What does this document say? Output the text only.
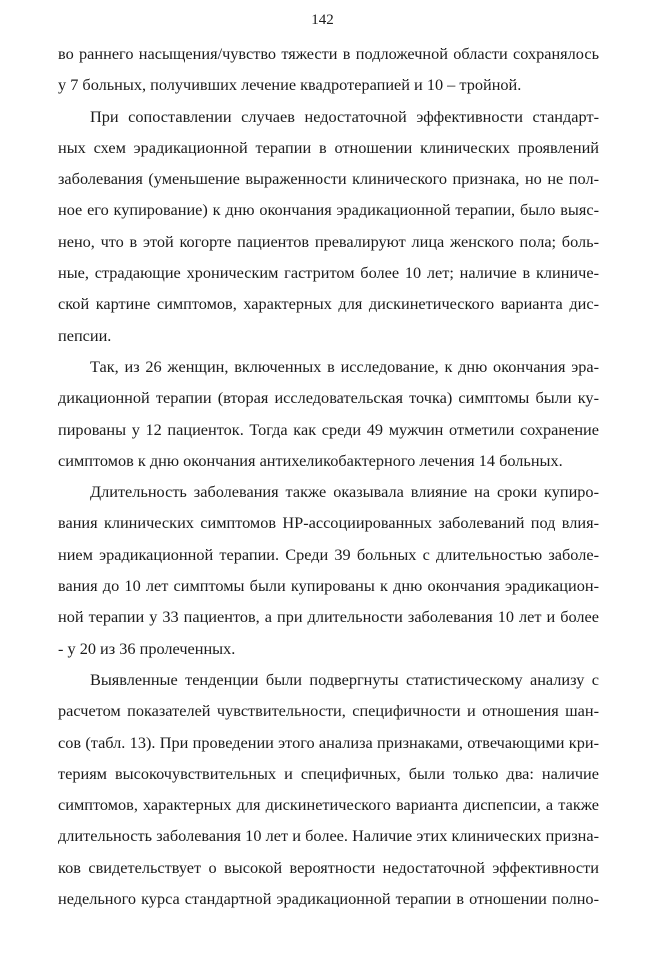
142
во раннего насыщения/чувство тяжести в подложечной области сохранялось
у 7 больных, получивших лечение квадротерапией и 10 – тройной.
При сопоставлении случаев недостаточной эффективности стандарт-
ных схем эрадикационной терапии в отношении клинических проявлений
заболевания (уменьшение выраженности клинического признака, но не пол-
ное его купирование) к дню окончания эрадикационной терапии, было выяс-
нено, что в этой когорте пациентов превалируют лица женского пола; боль-
ные, страдающие хроническим гастритом более 10 лет; наличие в клиниче-
ской картине симптомов, характерных для дискинетического варианта дис-
пепсии.
Так, из 26 женщин, включенных в исследование, к дню окончания эра-
дикационной терапии (вторая исследовательская точка) симптомы были ку-
пированы у 12 пациенток. Тогда как среди 49 мужчин отметили сохранение
симптомов к дню окончания антихеликобактерного лечения 14 больных.
Длительность заболевания также оказывала влияние на сроки купиро-
вания клинических симптомов НР-ассоциированных заболеваний под влия-
нием эрадикационной терапии. Среди 39 больных с длительностью заболе-
вания до 10 лет симптомы были купированы к дню окончания эрадикацион-
ной терапии у 33 пациентов, а при длительности заболевания 10 лет и более
- у 20 из 36 пролеченных.
Выявленные тенденции были подвергнуты статистическому анализу с
расчетом показателей чувствительности, специфичности и отношения шан-
сов (табл. 13). При проведении этого анализа признаками, отвечающими кри-
териям высокочувствительных и специфичных, были только два: наличие
симптомов, характерных для дискинетического варианта диспепсии, а также
длительность заболевания 10 лет и более. Наличие этих клинических призна-
ков свидетельствует о высокой вероятности недостаточной эффективности
недельного курса стандартной эрадикационной терапии в отношении полно-
